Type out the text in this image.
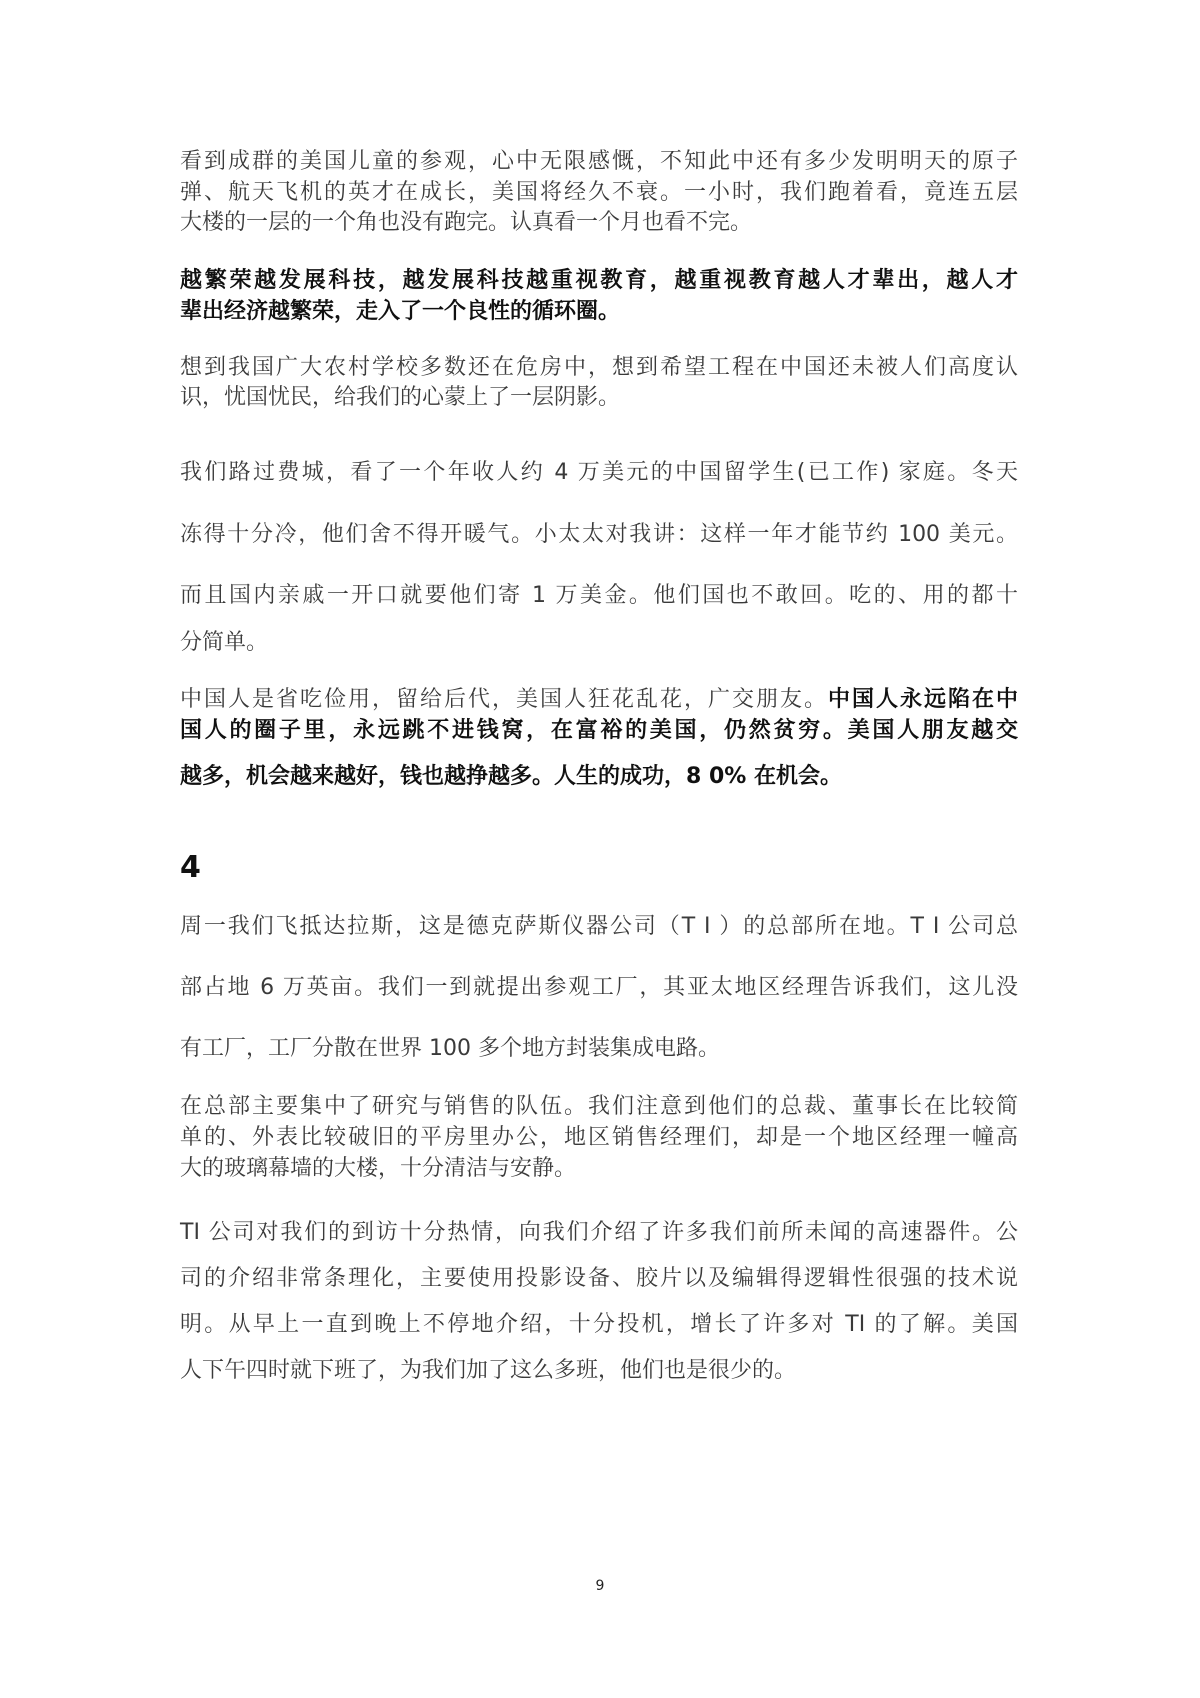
看到成群的美国儿童的参观，心中无限感慨，不知此中还有多少发明明天的原子
弹、航天飞机的英才在成长，美国将经久不衰。一小时，我们跑着看，竟连五层
大楼的一层的一个角也没有跑完。认真看一个月也看不完。
越繁荣越发展科技，越发展科技越重视教育，越重视教育越人才辈出，越人才
辈出经济越繁荣，走入了一个良性的循环圈。
想到我国广大农村学校多数还在危房中，想到希望工程在中国还未被人们高度认
识，忧国忧民，给我们的心蒙上了一层阴影。
我们路过费城，看了一个年收人约 4 万美元的中国留学生(已工作) 家庭。冬天
冻得十分冷，他们舍不得开暖气。小太太对我讲：这样一年才能节约 100 美元。
而且国内亲戚一开口就要他们寄 1 万美金。他们国也不敢回。吃的、用的都十
分简单。
中国人是省吃俭用，留给后代，美国人狂花乱花，广交朋友。中国人永远陷在中
国人的圈子里，永远跳不进钱窝，在富裕的美国，仍然贫穷。美国人朋友越交
越多，机会越来越好，钱也越挣越多。人生的成功，8 0% 在机会。
周一我们飞抵达拉斯，这是德克萨斯仪器公司（T I ）的总部所在地。T I 公司总
部占地 6 万英亩。我们一到就提出参观工厂，其亚太地区经理告诉我们，这儿没
有工厂，工厂分散在世界 100 多个地方封装集成电路。
在总部主要集中了研究与销售的队伍。我们注意到他们的总裁、董事长在比较简
单的、外表比较破旧的平房里办公，地区销售经理们，却是一个地区经理一幢高
大的玻璃幕墙的大楼，十分清洁与安静。
TI 公司对我们的到访十分热情，向我们介绍了许多我们前所未闻的高速器件。公
司的介绍非常条理化，主要使用投影设备、胶片以及编辑得逻辑性很强的技术说
明。从早上一直到晚上不停地介绍，十分投机，增长了许多对 TI 的了解。美国
人下午四时就下班了，为我们加了这么多班，他们也是很少的。
4
9
